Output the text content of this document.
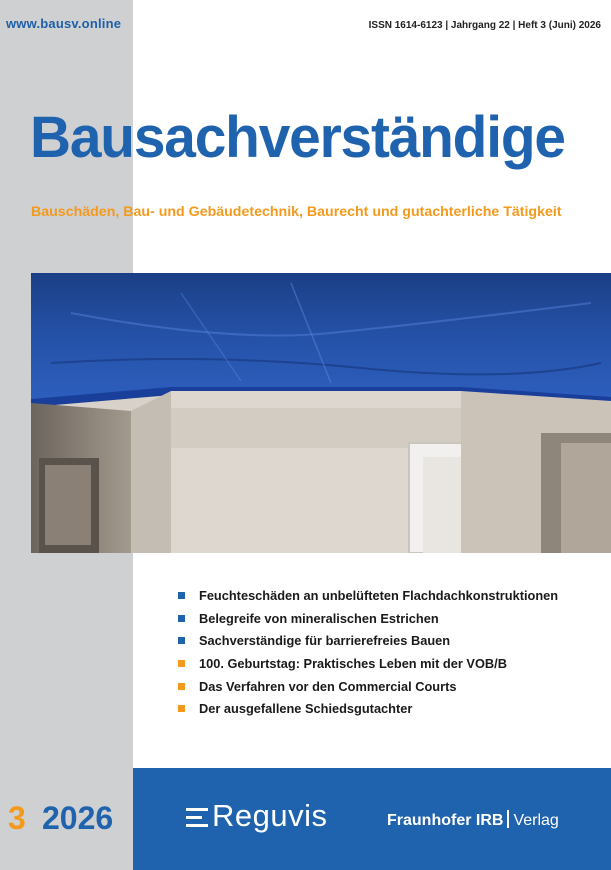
www.bausv.online	ISSN 1614-6123 | Jahrgang 22 | Heft 3 (Juni) 2026
Bausachverständige
Bauschäden, Bau- und Gebäudetechnik, Baurecht und gutachterliche Tätigkeit
Feuchteschäden an unbelüfteten Flachdachkonstruktionen
Belegreife von mineralischen Estrichen
Sachverständige für barrierefreies Bauen
100. Geburtstag: Praktisches Leben mit der VOB/B
Das Verfahren vor den Commercial Courts
Der ausgefallene Schiedsgutachter
3 2026	Reguvis	Fraunhofer IRB Verlag
